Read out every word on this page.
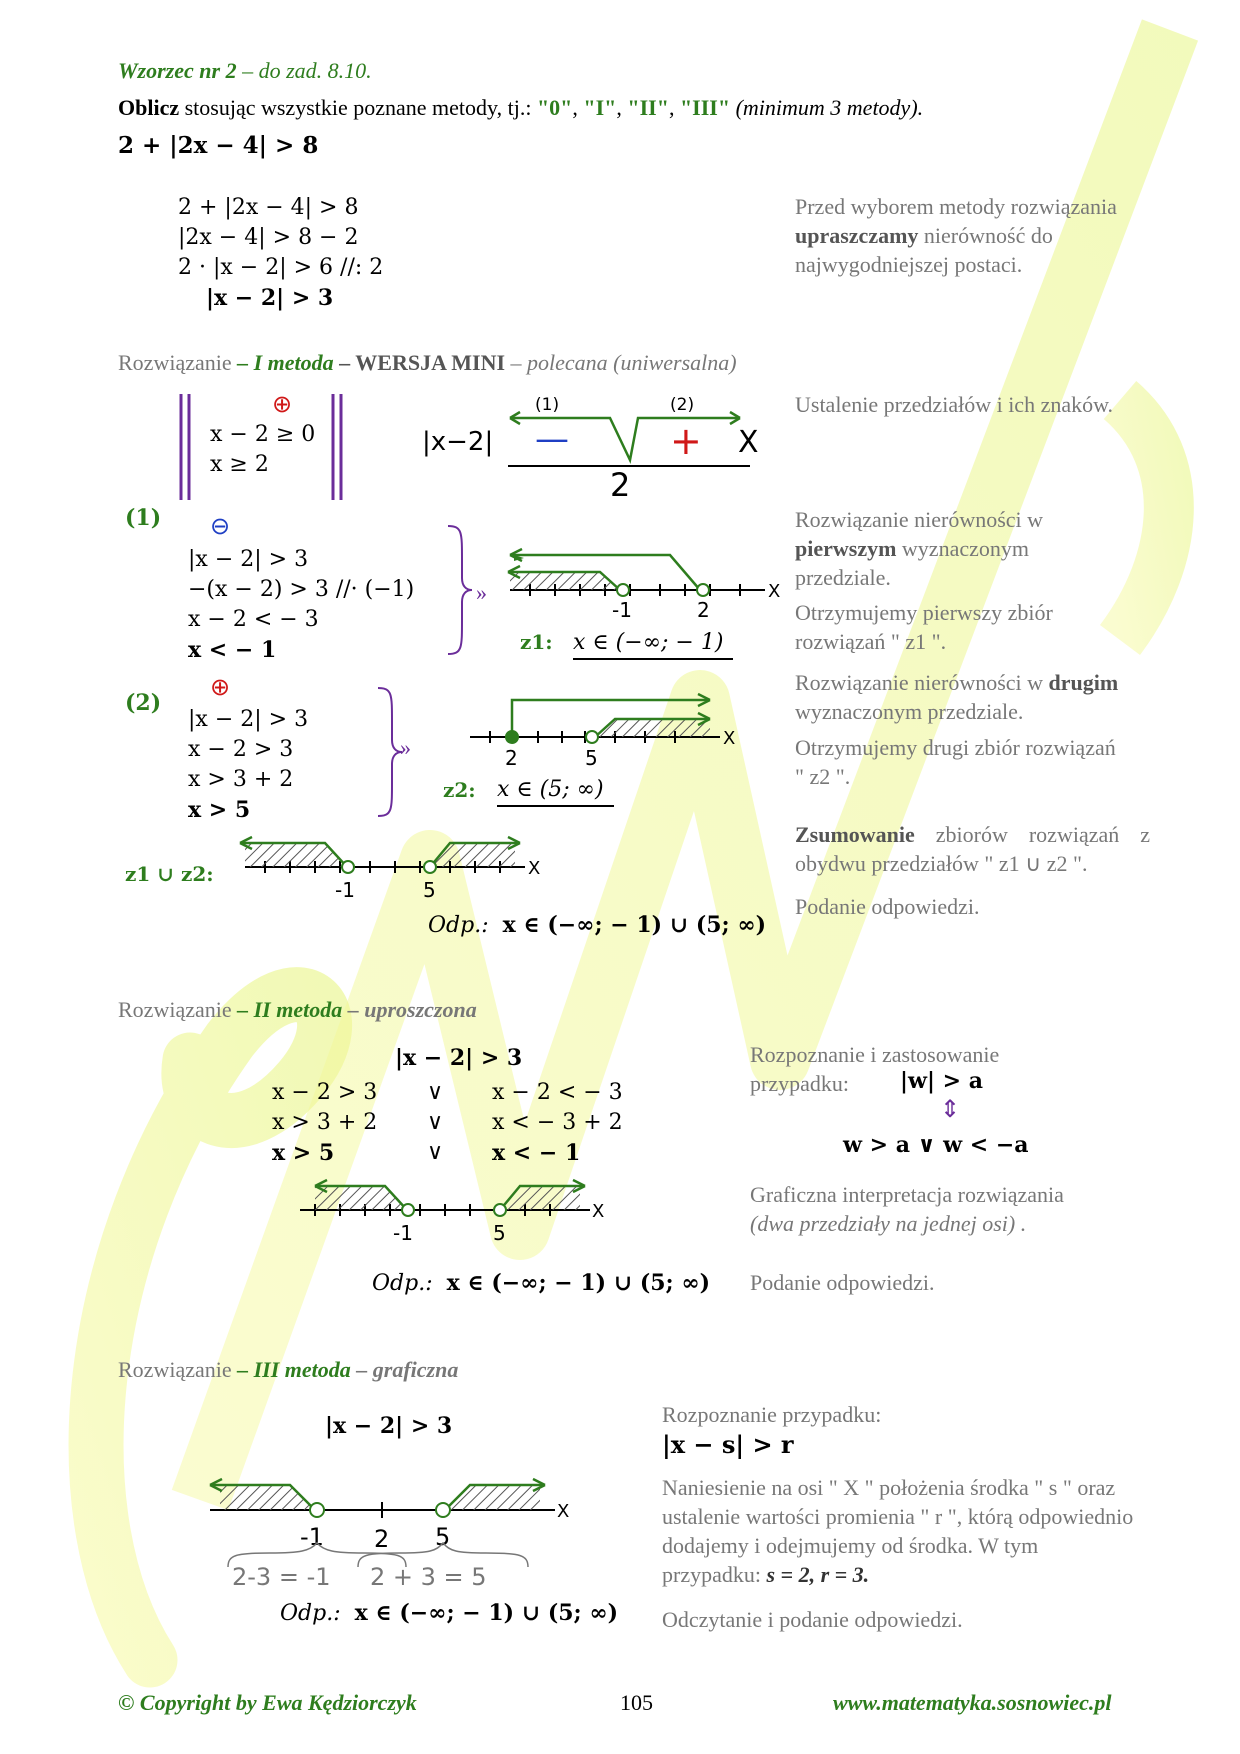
Wzorzec nr 2 – do zad. 8.10.
Oblicz stosując wszystkie poznane metody, tj.: "0", "I", "II", "III" (minimum 3 metody).
2 + |2x − 4| > 8
2 + |2x − 4| > 8
|2x − 4| > 8 − 2
2 · |x − 2| > 6 //: 2
|x − 2| > 3
Przed wyborem metody rozwiązania upraszczamy nierówność do najwygodniejszej postaci.
Rozwiązanie – I metoda – WERSJA MINI – polecana (uniwersalna)
⊕
x − 2 ≥ 0
x ≥ 2
(1)	(2)
|x−2| —	+ X
2
Ustalenie przedziałów i ich znaków.
(1) ⊖
|x − 2| > 3
−(x − 2) > 3 //· (−1)
x − 2 < − 3
x < − 1
»	X
-1	2
z1: x ∈ (−∞; − 1)
Rozwiązanie nierówności w pierwszym wyznaczonym przedziale.
Otrzymujemy pierwszy zbiór rozwiązań " z1 ".
(2)
⊕
|x − 2| > 3
x − 2 > 3
x > 3 + 2
x > 5
»	X
2	5
z2: x ∈ (5; ∞)
Rozwiązanie nierówności w drugim wyznaczonym przedziale.
Otrzymujemy drugi zbiór rozwiązań " z2 ".
z1 ∪ z2:	X
-1	5
Zsumowanie zbiorów rozwiązań z obydwu przedziałów " z1 ∪ z2 ".
Odp.: x ∈ (−∞; − 1) ∪ (5; ∞)
Podanie odpowiedzi.
Rozwiązanie – II metoda – uproszczona
|x − 2| > 3
x − 2 > 3	∨	x − 2 < − 3
x > 3 + 2	∨	x < − 3 + 2
x > 5	∨	x < − 1
X
-1	5
Rozpoznanie i zastosowanie przypadku:	|w| > a
⇕
w > a ∨ w < −a
Graficzna interpretacja rozwiązania
(dwa przedziały na jednej osi) .
Odp.: x ∈ (−∞; − 1) ∪ (5; ∞) Podanie odpowiedzi.
Rozwiązanie – III metoda – graficzna
|x − 2| > 3
X
-1 2 5
2-3 = -1 2 + 3 = 5
Odp.: x ∈ (−∞; − 1) ∪ (5; ∞)
Rozpoznanie przypadku:
|x − s| > r
Naniesienie na osi " X " położenia środka " s " oraz ustalenie wartości promienia " r ", którą odpowiednio dodajemy i odejmujemy od środka. W tym przypadku: s = 2, r = 3.
Odczytanie i podanie odpowiedzi.
© Copyright by Ewa Kędziorczyk	105	www.matematyka.sosnowiec.pl
